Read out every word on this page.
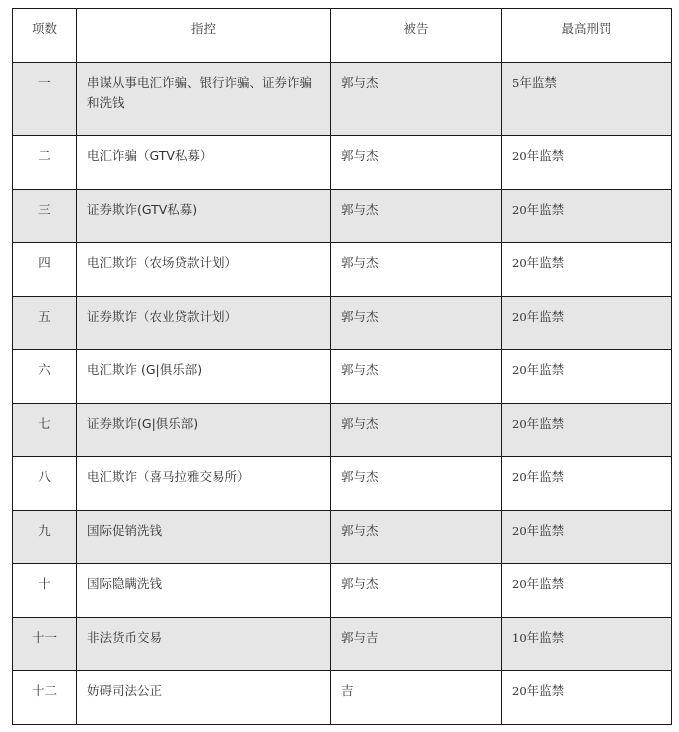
项数	指控	被告	最高刑罚
一	串谋从事电汇诈骗、银行诈骗、证券诈骗和洗钱	郭与杰	5年监禁
二	电汇诈骗（GTV私募）	郭与杰	20年监禁
三	证券欺诈(GTV私募)	郭与杰	20年监禁
四	电汇欺诈（农场贷款计划）	郭与杰	20年监禁
五	证券欺诈（农业贷款计划）	郭与杰	20年监禁
六	电汇欺诈 (G|俱乐部)	郭与杰	20年监禁
七	证券欺诈(G|俱乐部)	郭与杰	20年监禁
八	电汇欺诈（喜马拉雅交易所）	郭与杰	20年监禁
九	国际促销洗钱	郭与杰	20年监禁
十	国际隐瞒洗钱	郭与杰	20年监禁
十一	非法货币交易	郭与吉	10年监禁
十二	妨碍司法公正	吉	20年监禁
